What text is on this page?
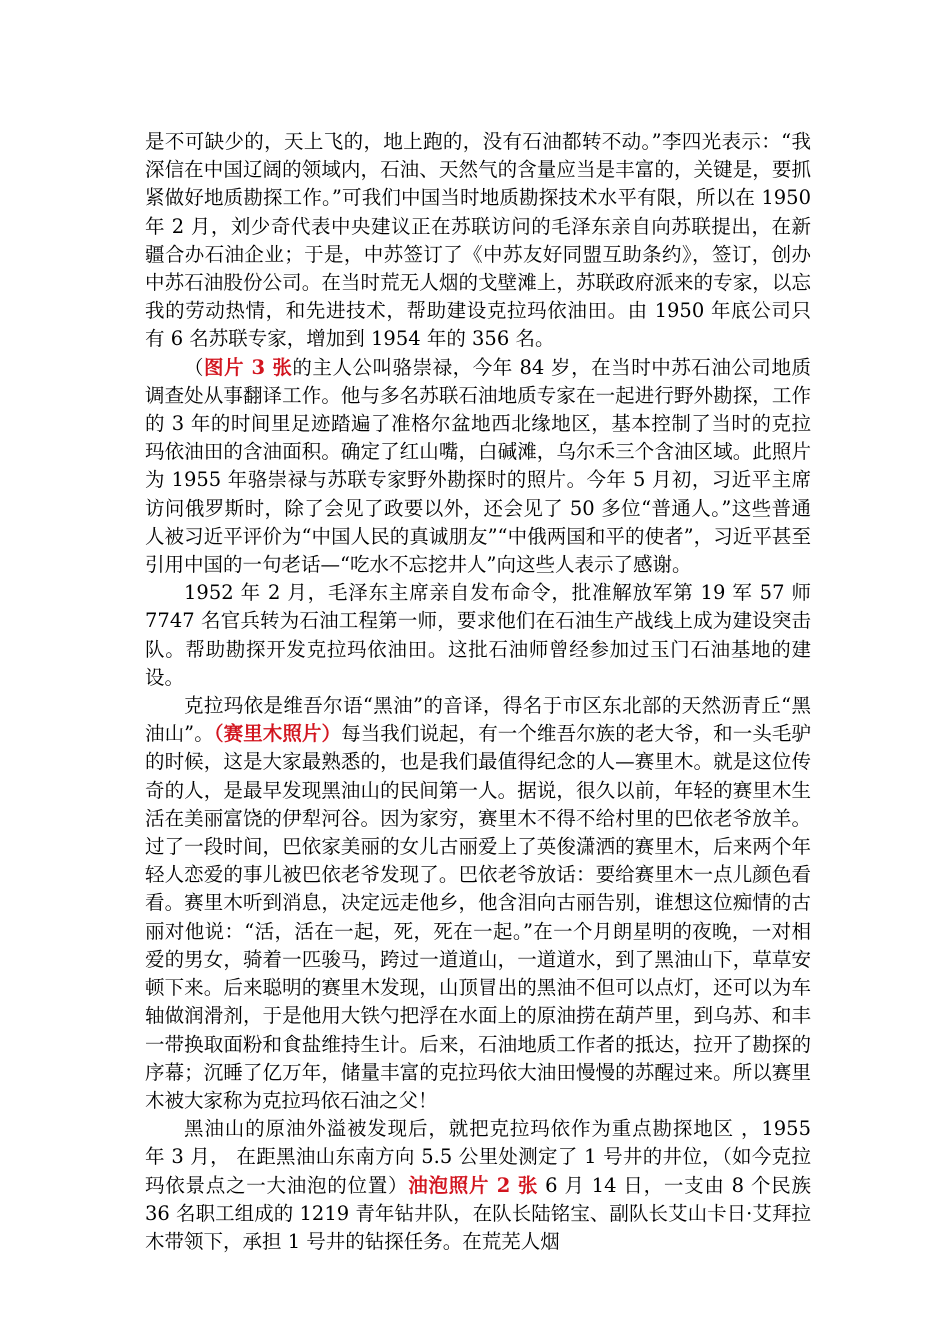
是不可缺少的，天上飞的，地上跑的，没有石油都转不动。”李四光表示：“我深信在中国辽阔的领域内，石油、天然气的含量应当是丰富的，关键是，要抓紧做好地质勘探工作。”可我们中国当时地质勘探技术水平有限，所以在 1950 年 2 月，刘少奇代表中央建议正在苏联访问的毛泽东亲自向苏联提出，在新疆合办石油企业；于是，中苏签订了《中苏友好同盟互助条约》，签订，创办中苏石油股份公司。在当时荒无人烟的戈壁滩上，苏联政府派来的专家，以忘我的劳动热情，和先进技术，帮助建设克拉玛依油田。由 1950 年底公司只有 6 名苏联专家，增加到 1954 年的 356 名。

（图片 3 张的主人公叫骆崇禄，今年 84 岁，在当时中苏石油公司地质调查处从事翻译工作。他与多名苏联石油地质专家在一起进行野外勘探，工作的 3 年的时间里足迹踏遍了准格尔盆地西北缘地区，基本控制了当时的克拉玛依油田的含油面积。确定了红山嘴，白碱滩，乌尔禾三个含油区域。此照片为 1955 年骆崇禄与苏联专家野外勘探时的照片。今年 5 月初，习近平主席访问俄罗斯时，除了会见了政要以外，还会见了 50 多位“普通人。”这些普通人被习近平评价为“中国人民的真诚朋友”“中俄两国和平的使者”，习近平甚至引用中国的一句老话—“吃水不忘挖井人”向这些人表示了感谢。

1952 年 2 月，毛泽东主席亲自发布命令，批准解放军第 19 军 57 师 7747 名官兵转为石油工程第一师，要求他们在石油生产战线上成为建设突击队。帮助勘探开发克拉玛依油田。这批石油师曾经参加过玉门石油基地的建设。

克拉玛依是维吾尔语“黑油”的音译，得名于市区东北部的天然沥青丘“黑油山”。（赛里木照片）每当我们说起，有一个维吾尔族的老大爷，和一头毛驴的时候，这是大家最熟悉的，也是我们最值得纪念的人—赛里木。就是这位传奇的人，是最早发现黑油山的民间第一人。据说，很久以前，年轻的赛里木生活在美丽富饶的伊犁河谷。因为家穷，赛里木不得不给村里的巴依老爷放羊。过了一段时间，巴依家美丽的女儿古丽爱上了英俊潇洒的赛里木，后来两个年轻人恋爱的事儿被巴依老爷发现了。巴依老爷放话：要给赛里木一点儿颜色看看。赛里木听到消息，决定远走他乡，他含泪向古丽告别，谁想这位痴情的古丽对他说：“活，活在一起，死，死在一起。”在一个月朗星明的夜晚，一对相爱的男女，骑着一匹骏马，跨过一道道山，一道道水，到了黑油山下，草草安顿下来。后来聪明的赛里木发现，山顶冒出的黑油不但可以点灯，还可以为车轴做润滑剂，于是他用大铁勺把浮在水面上的原油捞在葫芦里，到乌苏、和丰一带换取面粉和食盐维持生计。后来，石油地质工作者的抵达，拉开了勘探的序幕；沉睡了亿万年，储量丰富的克拉玛依大油田慢慢的苏醒过来。所以赛里木被大家称为克拉玛依石油之父！

黑油山的原油外溢被发现后，就把克拉玛依作为重点勘探地区 ，1955 年 3 月， 在距黑油山东南方向 5.5 公里处测定了 1 号井的井位，（如今克拉玛依景点之一大油泡的位置）油泡照片 2 张 6 月 14 日，一支由 8 个民族 36 名职工组成的 1219 青年钻井队，在队长陆铭宝、副队长艾山卡日·艾拜拉木带领下，承担 1 号井的钻探任务。在荒芜人烟
